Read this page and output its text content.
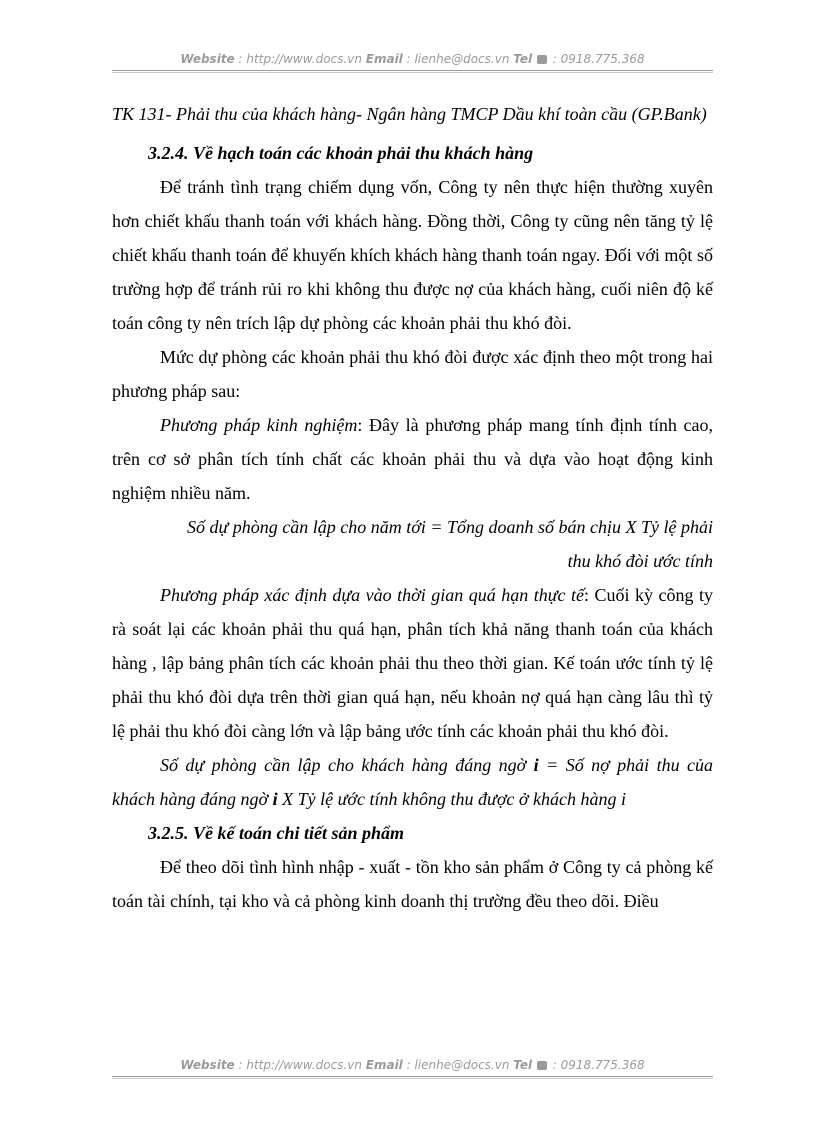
Website : http://www.docs.vn Email : lienhe@docs.vn Tel  : 0918.775.368

TK 131- Phải thu của khách hàng- Ngân hàng TMCP Dầu khí toàn cầu (GP.Bank)

3.2.4. Về hạch toán các khoản phải thu khách hàng

Để tránh tình trạng chiếm dụng vốn, Công ty nên thực hiện thường xuyên hơn chiết khấu thanh toán với khách hàng. Đồng thời, Công ty cũng nên tăng tỷ lệ chiết khấu thanh toán để khuyến khích khách hàng thanh toán ngay. Đối với một số trường hợp để tránh rủi ro khi không thu được nợ của khách hàng, cuối niên độ kế toán công ty nên trích lập dự phòng các khoản phải thu khó đòi.

Mức dự phòng các khoản phải thu khó đòi được xác định theo một trong hai phương pháp sau:

Phương pháp kinh nghiệm: Đây là phương pháp mang tính định tính cao, trên cơ sở phân tích tính chất các khoản phải thu và dựa vào hoạt động kinh nghiệm nhiều năm.

Số dự phòng cần lập cho năm tới = Tổng doanh số bán chịu X Tỷ lệ phải thu khó đòi ước tính

Phương pháp xác định dựa vào thời gian quá hạn thực tế: Cuối kỳ công ty rà soát lại các khoản phải thu quá hạn, phân tích khả năng thanh toán của khách hàng , lập bảng phân tích các khoản phải thu theo thời gian. Kế toán ước tính tỷ lệ phải thu khó đòi dựa trên thời gian quá hạn, nếu khoản nợ quá hạn càng lâu thì tỷ lệ phải thu khó đòi càng lớn và lập bảng ước tính các khoản phải thu khó đòi.

Số dự phòng cần lập cho khách hàng đáng ngờ i = Số nợ phải thu của khách hàng đáng ngờ i X Tỷ lệ ước tính không thu được ở khách hàng i

3.2.5. Về kế toán chi tiết sản phẩm

Để theo dõi tình hình nhập - xuất - tồn kho sản phẩm ở Công ty cả phòng kế toán tài chính, tại kho và cả phòng kinh doanh thị trường đều theo dõi. Điều

Website : http://www.docs.vn Email : lienhe@docs.vn Tel  : 0918.775.368
